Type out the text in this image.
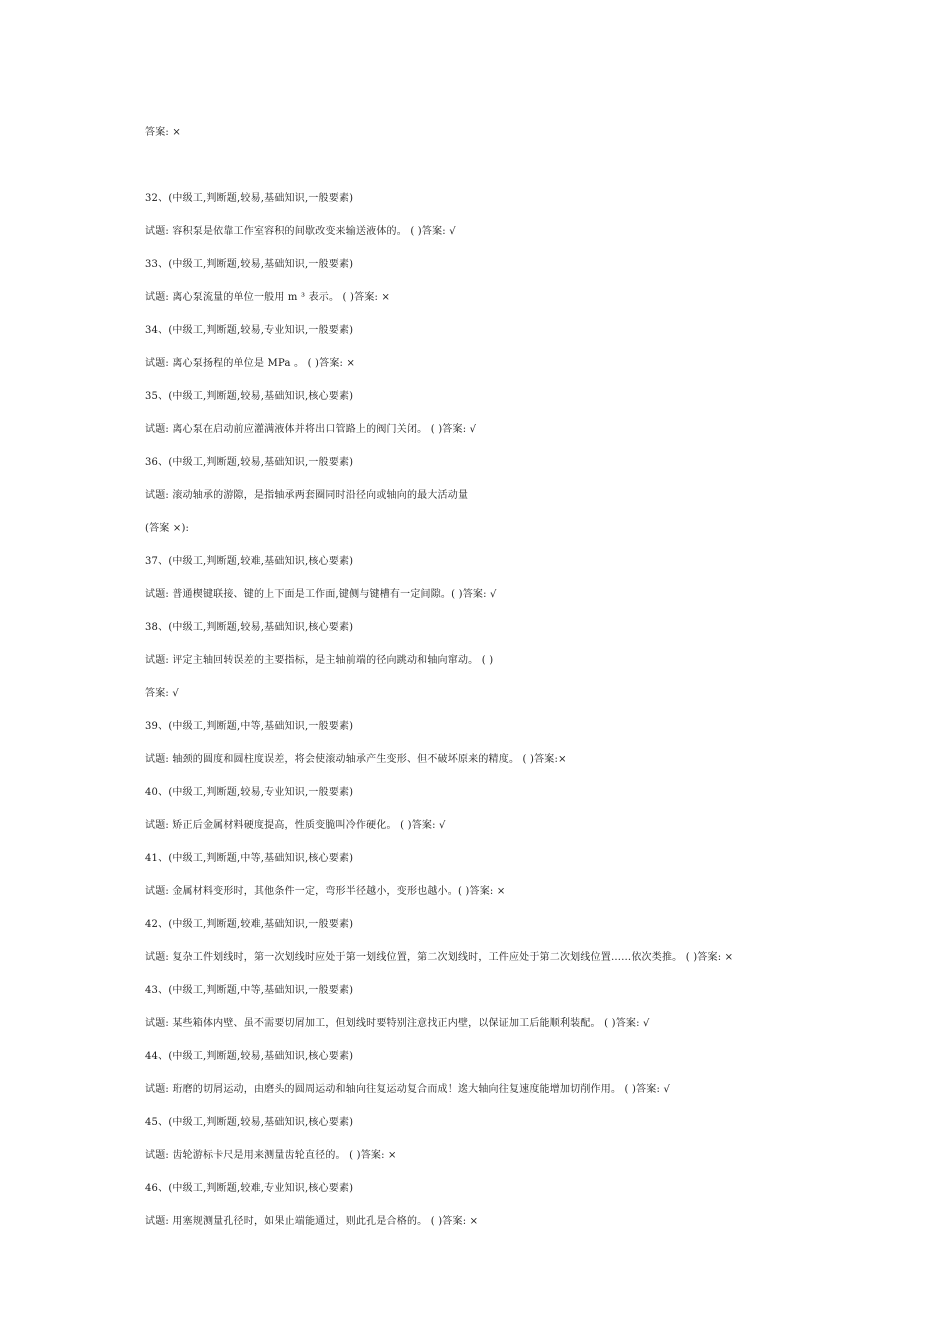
答案: ×
32、(中级工,判断题,较易,基础知识,一般要素)
试题: 容积泵是依靠工作室容积的间歇改变来输送液体的。 ( )答案: √
33、(中级工,判断题,较易,基础知识,一般要素)
试题: 离心泵流量的单位一般用 m ³ 表示。 ( )答案: ×
34、(中级工,判断题,较易,专业知识,一般要素)
试题: 离心泵扬程的单位是 MPa 。 ( )答案: ×
35、(中级工,判断题,较易,基础知识,核心要素)
试题: 离心泵在启动前应灌满液体并将出口管路上的阀门关闭。 ( )答案: √
36、(中级工,判断题,较易,基础知识,一般要素)
试题: 滚动轴承的游隙，是指轴承两套圈同时沿径向或轴向的最大活动量
(答案 ×):
37、(中级工,判断题,较难,基础知识,核心要素)
试题: 普通楔键联接、键的上下面是工作面,键侧与键槽有一定间隙。( )答案: √
38、(中级工,判断题,较易,基础知识,核心要素)
试题: 评定主轴回转误差的主要指标，是主轴前端的径向跳动和轴向窜动。 ( )
答案: √
39、(中级工,判断题,中等,基础知识,一般要素)
试题: 轴颈的圆度和圆柱度误差，将会使滚动轴承产生变形、但不破坏原来的精度。 ( )答案:×
40、(中级工,判断题,较易,专业知识,一般要素)
试题: 矫正后金属材料硬度提高，性质变脆叫冷作硬化。 ( )答案: √
41、(中级工,判断题,中等,基础知识,核心要素)
试题: 金属材料变形时，其他条件一定，弯形半径越小，变形也越小。( )答案: ×
42、(中级工,判断题,较难,基础知识,一般要素)
试题: 复杂工件划线时，第一次划线时应处于第一划线位置，第二次划线时，工件应处于第二次划线位置……依次类推。 ( )答案: ×
43、(中级工,判断题,中等,基础知识,一般要素)
试题: 某些箱体内壁、虽不需要切屑加工，但划线时要特别注意找正内壁，以保证加工后能顺利装配。 ( )答案: √
44、(中级工,判断题,较易,基础知识,核心要素)
试题: 珩磨的切屑运动，由磨头的圆周运动和轴向往复运动复合而成！逘大轴向往复速度能增加切削作用。 ( )答案: √
45、(中级工,判断题,较易,基础知识,核心要素)
试题: 齿轮游标卡尺是用来测量齿轮直径的。 ( )答案: ×
46、(中级工,判断题,较难,专业知识,核心要素)
试题: 用塞规测量孔径时，如果止端能通过，则此孔是合格的。 ( )答案: ×
